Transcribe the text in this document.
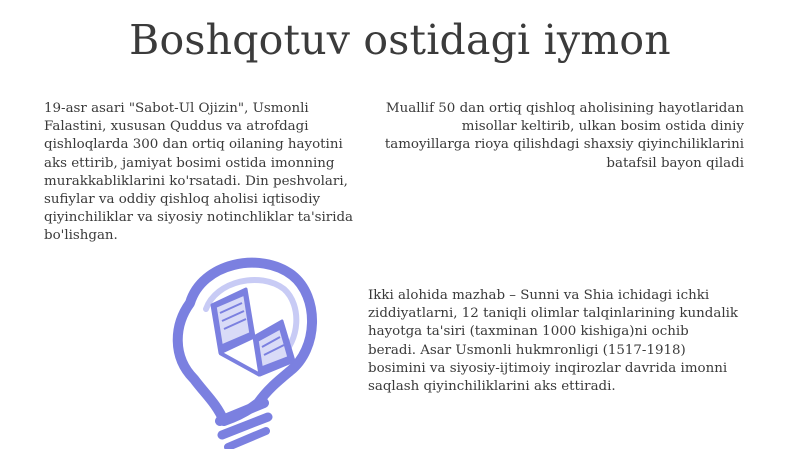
Boshqotuv ostidagi iymon
19-asr asari "Sabot-Ul Ojizin", Usmonli Falastini, xususan Quddus va atrofdagi qishloqlarda 300 dan ortiq oilaning hayotini aks ettirib, jamiyat bosimi ostida imonning murakkabliklarini ko'rsatadi. Din peshvolari, sufiylar va oddiy qishloq aholisi iqtisodiy qiyinchiliklar va siyosiy notinchliklar ta'sirida bo'lishgan.
Muallif 50 dan ortiq qishloq aholisining hayotlaridan misollar keltirib, ulkan bosim ostida diniy tamoyillarga rioya qilishdagi shaxsiy qiyinchiliklarini batafsil bayon qiladi
Ikki alohida mazhab – Sunni va Shia ichidagi ichki ziddiyatlarni, 12 taniqli olimlar talqinlarining kundalik hayotga ta'siri (taxminan 1000 kishiga)ni ochib beradi. Asar Usmonli hukmronligi (1517-1918) bosimini va siyosiy-ijtimoiy inqirozlar davrida imonni saqlash qiyinchiliklarini aks ettiradi.
